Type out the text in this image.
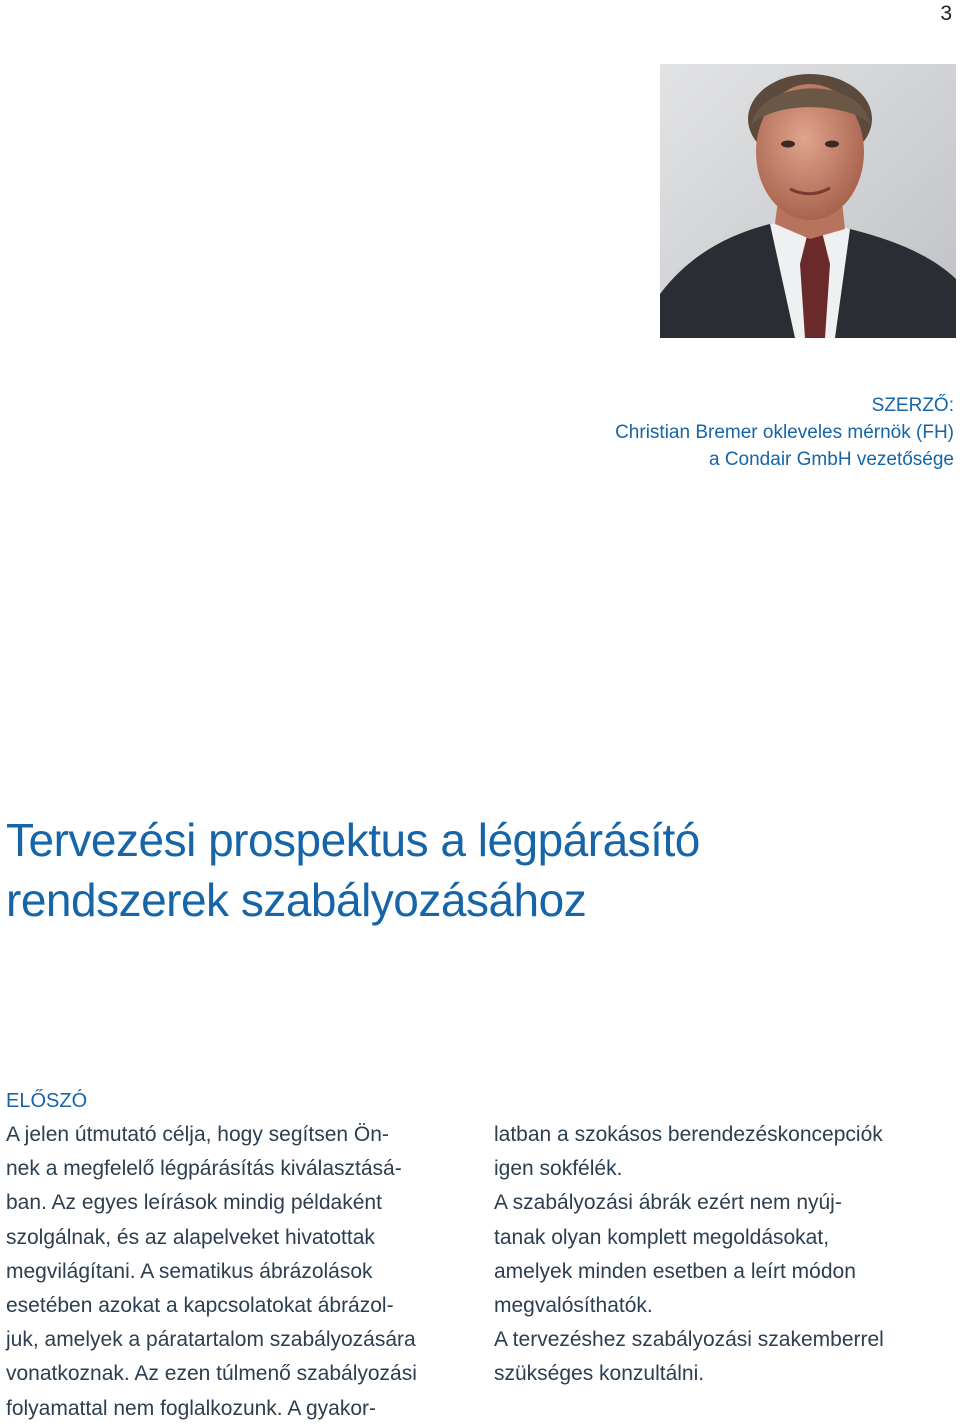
3
SZERZŐ:
Christian Bremer okleveles mérnök (FH)
a Condair GmbH vezetősége
Tervezési prospektus a légpárásító
rendszerek szabályozásához
ELŐSZÓ
A jelen útmutató célja, hogy segítsen Ön-
nek a megfelelő légpárásítás kiválasztásá-
ban. Az egyes leírások mindig példaként
szolgálnak, és az alapelveket hivatottak
megvilágítani. A sematikus ábrázolások
esetében azokat a kapcsolatokat ábrázol-
juk, amelyek a páratartalom szabályozására
vonatkoznak. Az ezen túlmenő szabályozási
folyamattal nem foglalkozunk. A gyakor-
latban a szokásos berendezéskoncepciók
igen sokfélék.
A szabályozási ábrák ezért nem nyúj-
tanak olyan komplett megoldásokat,
amelyek minden esetben a leírt módon
megvalósíthatók.
A tervezéshez szabályozási szakemberrel
szükséges konzultálni.
